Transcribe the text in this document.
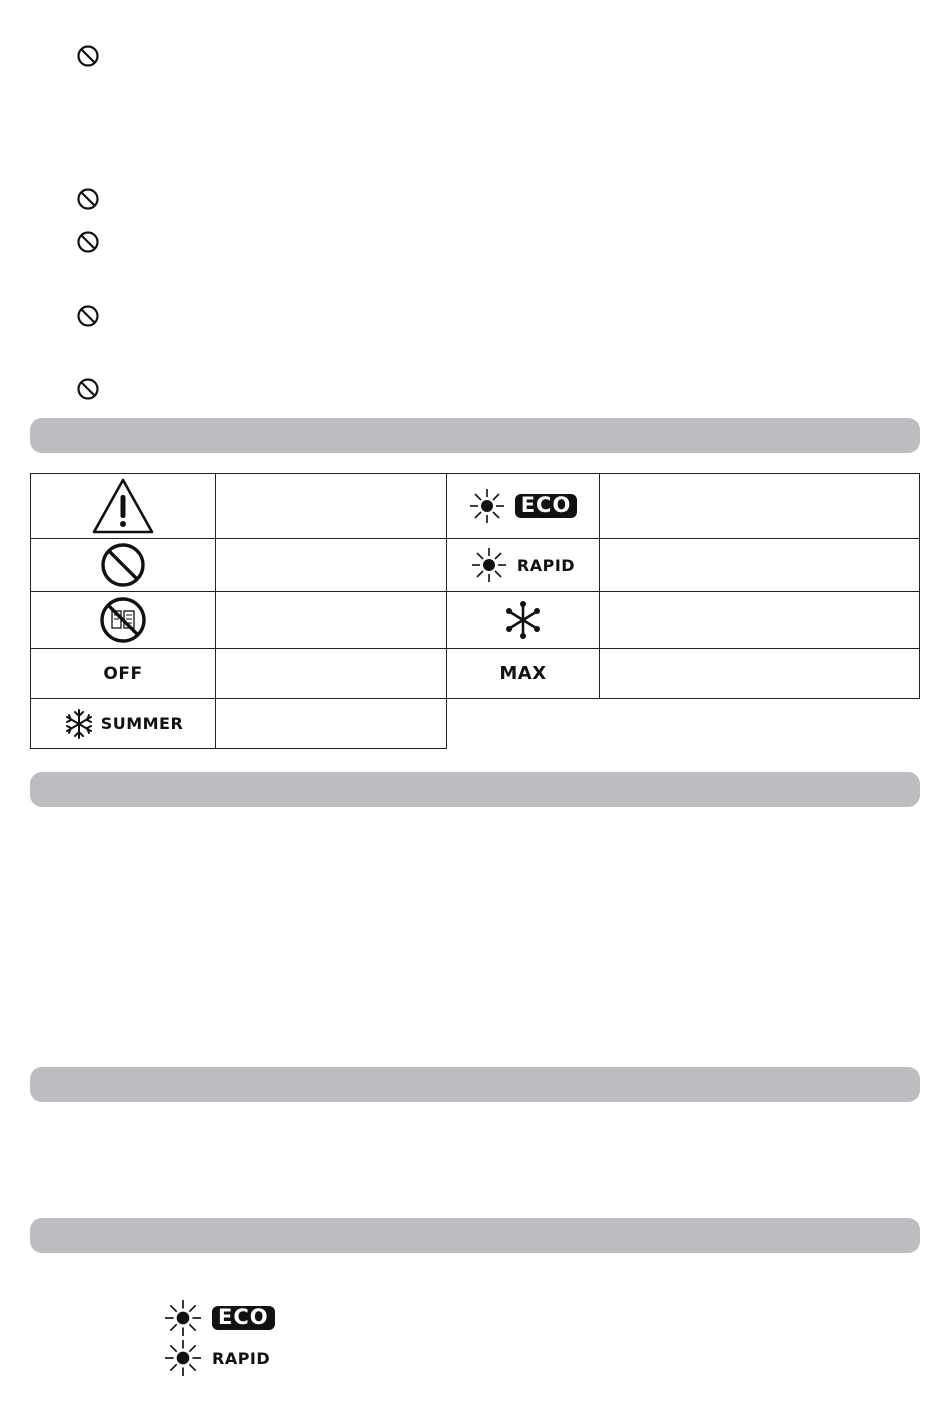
ECO
RAPID
OFF	MAX
SUMMER
ECO
RAPID
